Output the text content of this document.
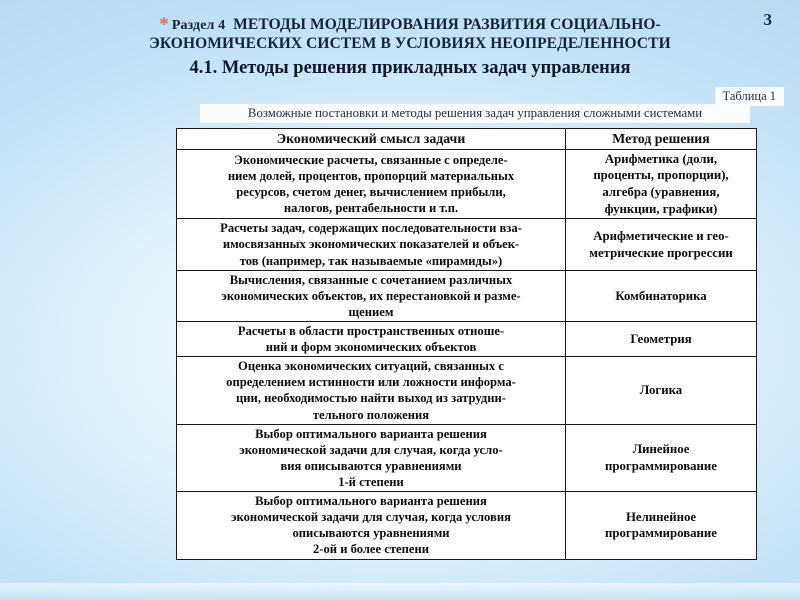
3
* Раздел 4 МЕТОДЫ МОДЕЛИРОВАНИЯ РАЗВИТИЯ СОЦИАЛЬНО-
ЭКОНОМИЧЕСКИХ СИСТЕМ В УСЛОВИЯХ НЕОПРЕДЕЛЕННОСТИ
4.1. Методы решения прикладных задач управления
Таблица 1
Возможные постановки и методы решения задач управления сложными системами
Экономический смысл задачи	Метод решения

Экономические расчеты, связанные с определе-
нием долей, процентов, пропорций материальных
ресурсов, счетом денег, вычислением прибыли,
налогов, рентабельности и т.п.	Арифметика (доли,
проценты, пропорции),
алгебра (уравнения,
функции, графики)

Расчеты задач, содержащих последовательности вза-
имосвязанных экономических показателей и объек-
тов (например, так называемые «пирамиды»)	Арифметические и гео-
метрические прогрессии

Вычисления, связанные с сочетанием различных
экономических объектов, их перестановкой и разме-
щением	Комбинаторика

Расчеты в области пространственных отноше-
ний и форм экономических объектов	Геометрия

Оценка экономических ситуаций, связанных с
определением истинности или ложности информа-
ции, необходимостью найти выход из затрудни-
тельного положения	Логика

Выбор оптимального варианта решения
экономической задачи для случая, когда усло-
вия описываются уравнениями
1-й степени	Линейное
программирование

Выбор оптимального варианта решения
экономической задачи для случая, когда условия
описываются уравнениями
2-ой и более степени	Нелинейное
программирование
